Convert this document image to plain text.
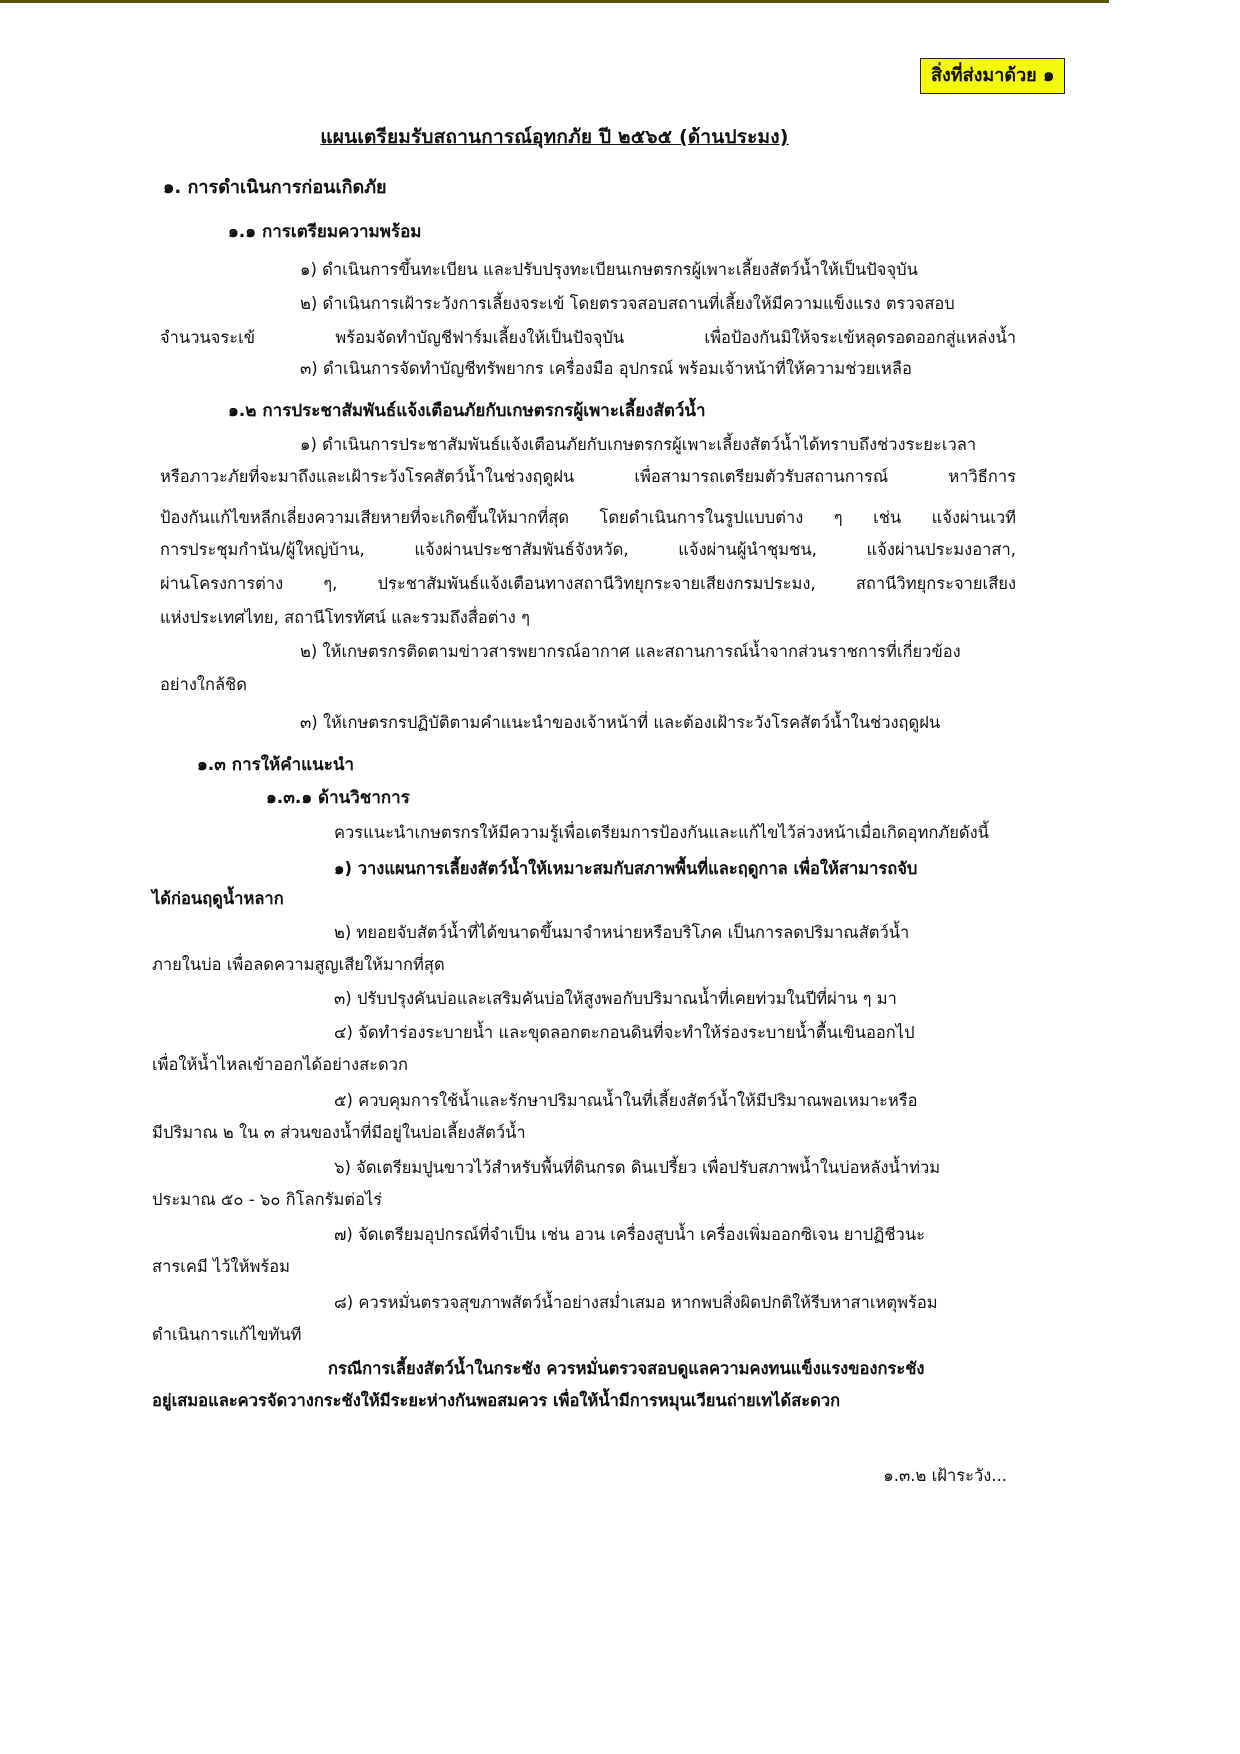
สิ่งที่ส่งมาด้วย ๑
แผนเตรียมรับสถานการณ์อุทกภัย ปี ๒๕๖๕ (ด้านประมง)
๑. การดำเนินการก่อนเกิดภัย
๑.๑ การเตรียมความพร้อม
๑) ดำเนินการขึ้นทะเบียน และปรับปรุงทะเบียนเกษตรกรผู้เพาะเลี้ยงสัตว์น้ำให้เป็นปัจจุบัน
๒) ดำเนินการเฝ้าระวังการเลี้ยงจระเข้ โดยตรวจสอบสถานที่เลี้ยงให้มีความแข็งแรง ตรวจสอบ
จำนวนจระเข้ พร้อมจัดทำบัญชีฟาร์มเลี้ยงให้เป็นปัจจุบัน เพื่อป้องกันมิให้จระเข้หลุดรอดออกสู่แหล่งน้ำ
๓) ดำเนินการจัดทำบัญชีทรัพยากร เครื่องมือ อุปกรณ์ พร้อมเจ้าหน้าที่ให้ความช่วยเหลือ
๑.๒ การประชาสัมพันธ์แจ้งเตือนภัยกับเกษตรกรผู้เพาะเลี้ยงสัตว์น้ำ
๑) ดำเนินการประชาสัมพันธ์แจ้งเตือนภัยกับเกษตรกรผู้เพาะเลี้ยงสัตว์น้ำได้ทราบถึงช่วงระยะเวลา
หรือภาวะภัยที่จะมาถึงและเฝ้าระวังโรคสัตว์น้ำในช่วงฤดูฝน เพื่อสามารถเตรียมตัวรับสถานการณ์ หาวิธีการ
ป้องกันแก้ไขหลีกเลี่ยงความเสียหายที่จะเกิดขึ้นให้มากที่สุด โดยดำเนินการในรูปแบบต่าง ๆ เช่น แจ้งผ่านเวที
การประชุมกำนัน/ผู้ใหญ่บ้าน, แจ้งผ่านประชาสัมพันธ์จังหวัด, แจ้งผ่านผู้นำชุมชน, แจ้งผ่านประมงอาสา,
ผ่านโครงการต่าง ๆ, ประชาสัมพันธ์แจ้งเตือนทางสถานีวิทยุกระจายเสียงกรมประมง, สถานีวิทยุกระจายเสียง
แห่งประเทศไทย, สถานีโทรทัศน์ และรวมถึงสื่อต่าง ๆ
๒) ให้เกษตรกรติดตามข่าวสารพยากรณ์อากาศ และสถานการณ์น้ำจากส่วนราชการที่เกี่ยวข้อง
อย่างใกล้ชิด
๓) ให้เกษตรกรปฏิบัติตามคำแนะนำของเจ้าหน้าที่ และต้องเฝ้าระวังโรคสัตว์น้ำในช่วงฤดูฝน
๑.๓ การให้คำแนะนำ
๑.๓.๑ ด้านวิชาการ
ควรแนะนำเกษตรกรให้มีความรู้เพื่อเตรียมการป้องกันและแก้ไขไว้ล่วงหน้าเมื่อเกิดอุทกภัยดังนี้
๑) วางแผนการเลี้ยงสัตว์น้ำให้เหมาะสมกับสภาพพื้นที่และฤดูกาล เพื่อให้สามารถจับ
ได้ก่อนฤดูน้ำหลาก
๒) ทยอยจับสัตว์น้ำที่ได้ขนาดขึ้นมาจำหน่ายหรือบริโภค เป็นการลดปริมาณสัตว์น้ำ
ภายในบ่อ เพื่อลดความสูญเสียให้มากที่สุด
๓) ปรับปรุงคันบ่อและเสริมคันบ่อให้สูงพอกับปริมาณน้ำที่เคยท่วมในปีที่ผ่าน ๆ มา
๔) จัดทำร่องระบายน้ำ และขุดลอกตะกอนดินที่จะทำให้ร่องระบายน้ำตื้นเขินออกไป
เพื่อให้น้ำไหลเข้าออกได้อย่างสะดวก
๕) ควบคุมการใช้น้ำและรักษาปริมาณน้ำในที่เลี้ยงสัตว์น้ำให้มีปริมาณพอเหมาะหรือ
มีปริมาณ ๒ ใน ๓ ส่วนของน้ำที่มีอยู่ในบ่อเลี้ยงสัตว์น้ำ
๖) จัดเตรียมปูนขาวไว้สำหรับพื้นที่ดินกรด ดินเปรี้ยว เพื่อปรับสภาพน้ำในบ่อหลังน้ำท่วม
ประมาณ ๕๐ - ๖๐ กิโลกรัมต่อไร่
๗) จัดเตรียมอุปกรณ์ที่จำเป็น เช่น อวน เครื่องสูบน้ำ เครื่องเพิ่มออกซิเจน ยาปฏิชีวนะ
สารเคมี ไว้ให้พร้อม
๘) ควรหมั่นตรวจสุขภาพสัตว์น้ำอย่างสม่ำเสมอ หากพบสิ่งผิดปกติให้รีบหาสาเหตุพร้อม
ดำเนินการแก้ไขทันที
กรณีการเลี้ยงสัตว์น้ำในกระชัง ควรหมั่นตรวจสอบดูแลความคงทนแข็งแรงของกระชัง
อยู่เสมอและควรจัดวางกระชังให้มีระยะห่างกันพอสมควร เพื่อให้น้ำมีการหมุนเวียนถ่ายเทได้สะดวก
๑.๓.๒ เฝ้าระวัง...
